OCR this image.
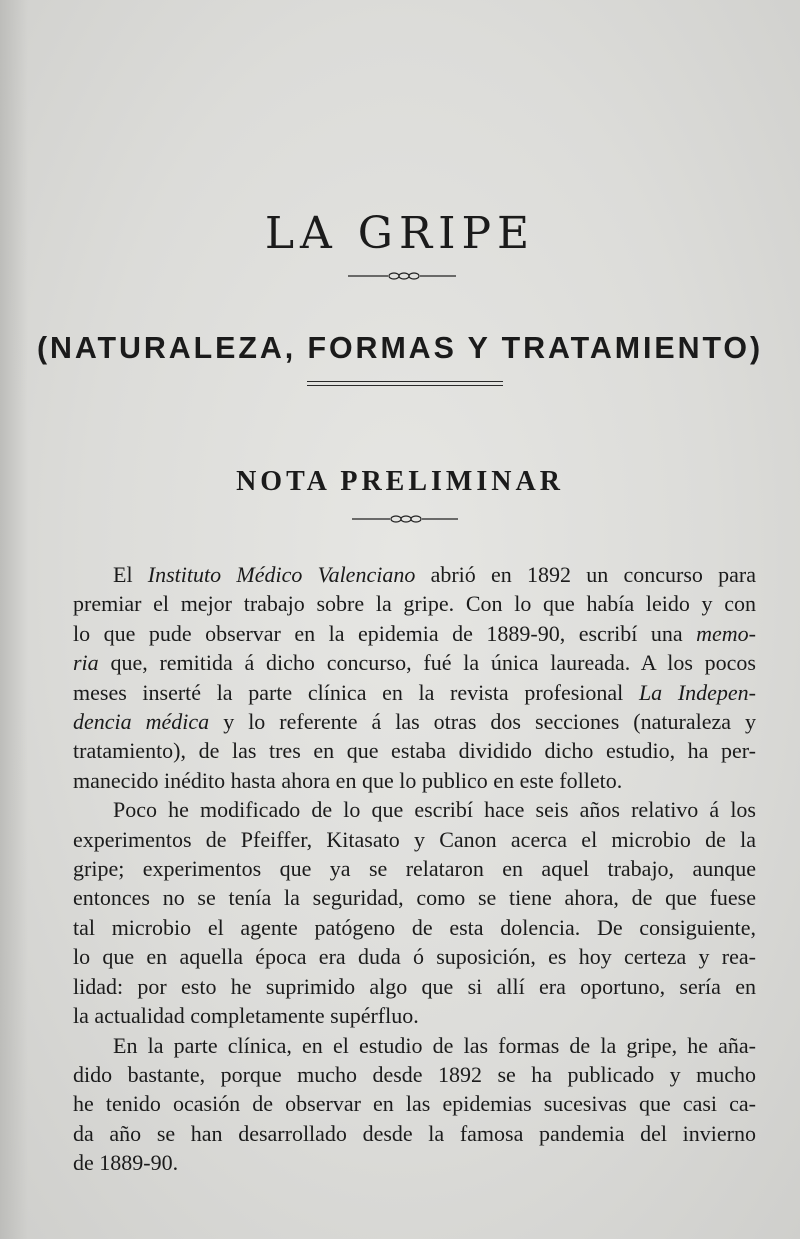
LA GRIPE
(NATURALEZA, FORMAS Y TRATAMIENTO)
NOTA PRELIMINAR
El Instituto Médico Valenciano abrió en 1892 un concurso para
premiar el mejor trabajo sobre la gripe. Con lo que había leido y con
lo que pude observar en la epidemia de 1889-90, escribí una memo-
ria que, remitida á dicho concurso, fué la única laureada. A los pocos
meses inserté la parte clínica en la revista profesional La Indepen-
dencia médica y lo referente á las otras dos secciones (naturaleza y
tratamiento), de las tres en que estaba dividido dicho estudio, ha per-
manecido inédito hasta ahora en que lo publico en este folleto.
Poco he modificado de lo que escribí hace seis años relativo á los
experimentos de Pfeiffer, Kitasato y Canon acerca el microbio de la
gripe; experimentos que ya se relataron en aquel trabajo, aunque
entonces no se tenía la seguridad, como se tiene ahora, de que fuese
tal microbio el agente patógeno de esta dolencia. De consiguiente,
lo que en aquella época era duda ó suposición, es hoy certeza y rea-
lidad: por esto he suprimido algo que si allí era oportuno, sería en
la actualidad completamente supérfluo.
En la parte clínica, en el estudio de las formas de la gripe, he aña-
dido bastante, porque mucho desde 1892 se ha publicado y mucho
he tenido ocasión de observar en las epidemias sucesivas que casi ca-
da año se han desarrollado desde la famosa pandemia del invierno
de 1889-90.
